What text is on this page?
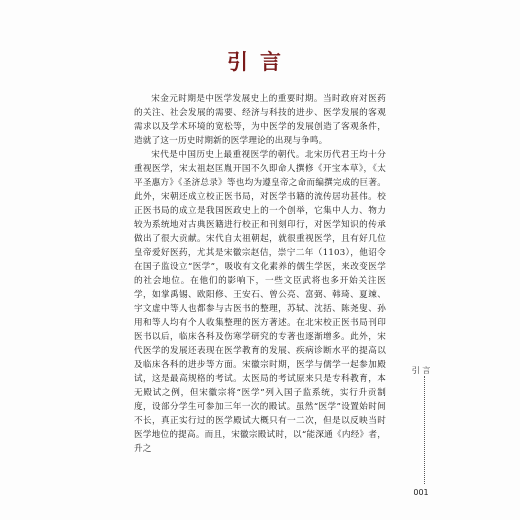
引言

宋金元时期是中医学发展史上的重要时期。当时政府对医药的关注、社会发展的需要、经济与科技的进步、医学发展的客观需求以及学术环境的宽松等，为中医学的发展创造了客观条件，造就了这一历史时期新的医学理论的出现与争鸣。

宋代是中国历史上最重视医学的朝代。北宋历代君王均十分重视医学，宋太祖赵匡胤开国不久即命人撰修《开宝本草》，《太平圣惠方》《圣济总录》等也均为遵皇帝之命而编撰完成的巨著。此外，宋朝还成立校正医书局，对医学书籍的流传居功甚伟。校正医书局的成立是我国医政史上的一个创举，它集中人力、物力较为系统地对古典医籍进行校正和刊刻印行，对医学知识的传承做出了很大贡献。宋代自太祖朝起，就很重视医学，且有好几位皇帝爱好医药，尤其是宋徽宗赵佶，崇宁二年（1103），他诏令在国子监设立“医学”，吸收有文化素养的儒生学医，来改变医学的社会地位。在他们的影响下，一些文臣武将也多开始关注医学，如掌禹锡、欧阳修、王安石、曾公亮、富弼、韩琦、夏竦、宇文虚中等人也都参与古医书的整理，苏轼、沈括、陈尧叟、孙用和等人均有个人收集整理的医方著述。在北宋校正医书局刊印医书以后，临床各科及伤寒学研究的专著也逐渐增多。此外，宋代医学的发展还表现在医学教育的发展、疾病诊断水平的提高以及临床各科的进步等方面。宋徽宗时期，医学与儒学一起参加殿试，这是最高规格的考试。太医局的考试原来只是专科教育，本无殿试之例，但宋徽宗将“医学”列入国子监系统，实行升贡制度，设部分学生可参加三年一次的殿试。虽然“医学”设置始时间不长，真正实行过的医学殿试大概只有一二次，但是以反映当时医学地位的提高。而且，宋徽宗殿试时，以“能深通《内经》者，升之

引 言
001
